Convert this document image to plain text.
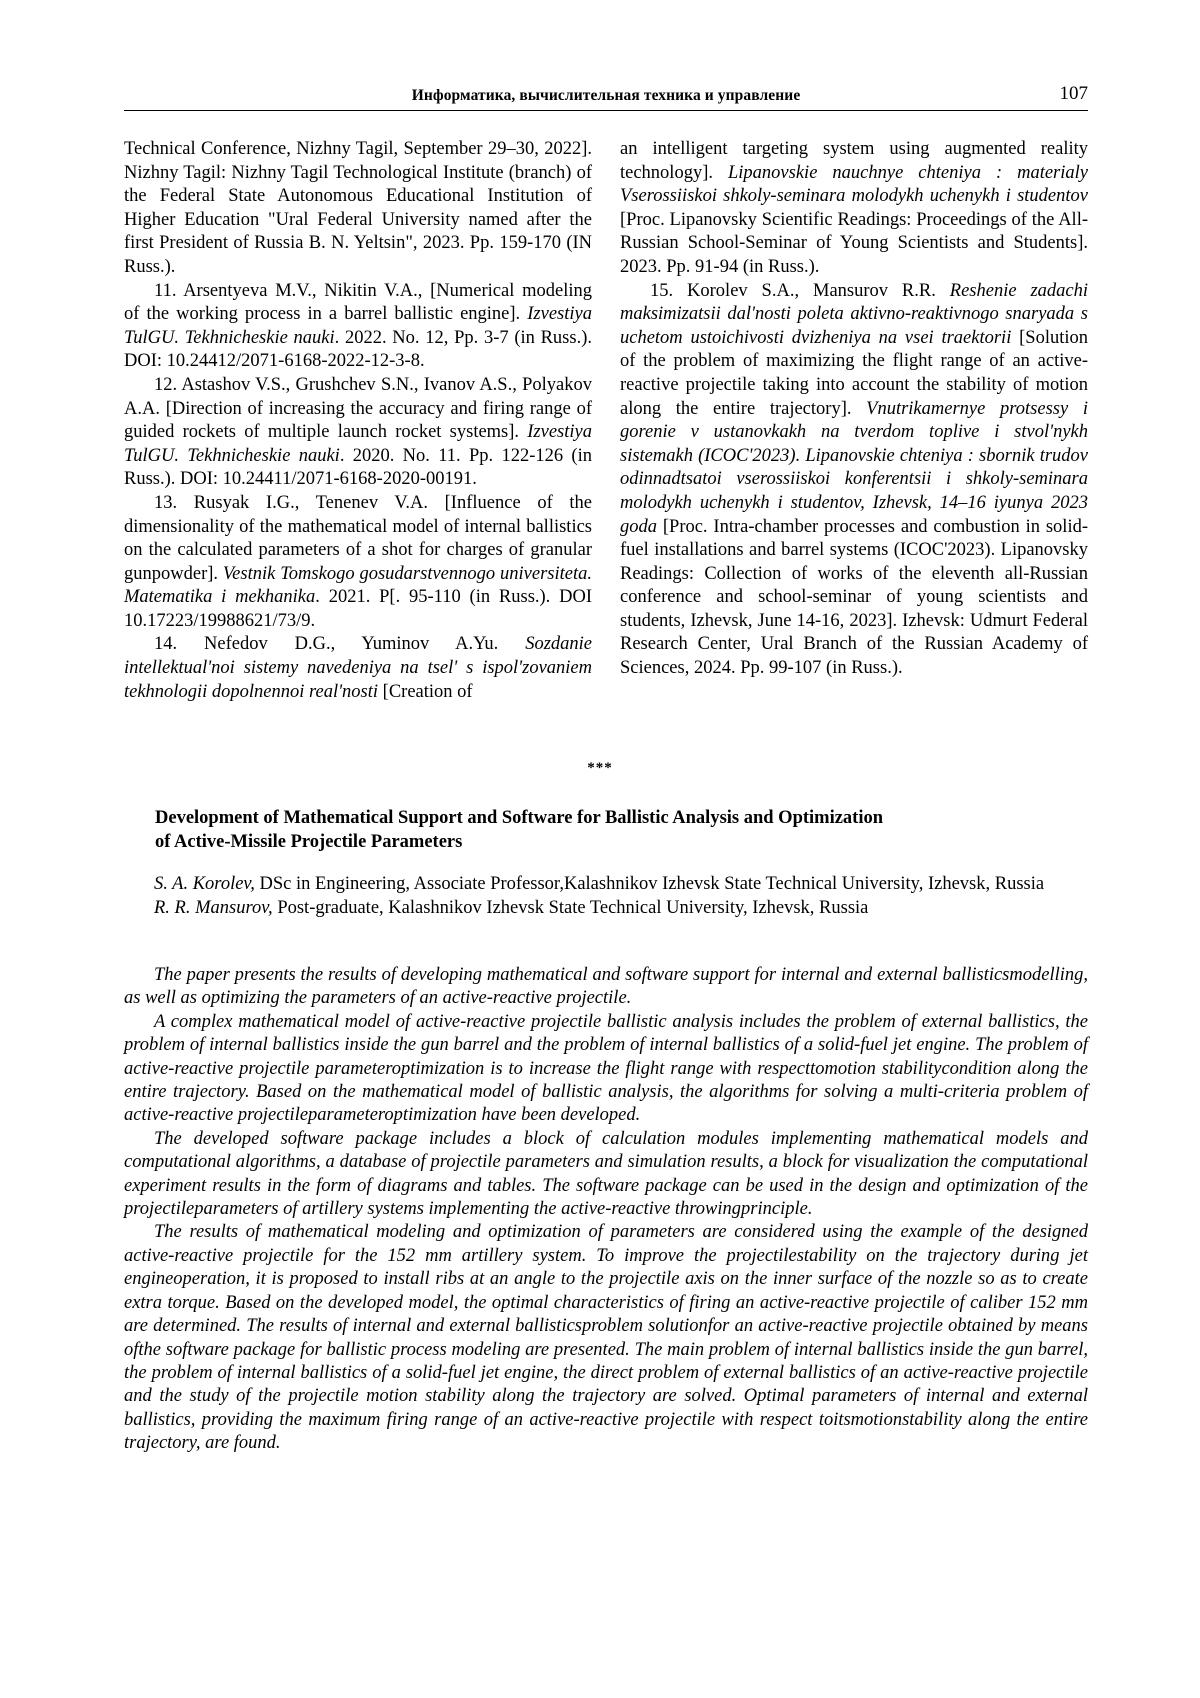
Информатика, вычислительная техника и управление	107

Technical Conference, Nizhny Tagil, September 29–30, 2022]. Nizhny Tagil: Nizhny Tagil Technological Institute (branch) of the Federal State Autonomous Educational Institution of Higher Education "Ural Federal University named after the first President of Russia B. N. Yeltsin", 2023. Pp. 159-170 (IN Russ.).

11. Arsentyeva M.V., Nikitin V.A., [Numerical modeling of the working process in a barrel ballistic engine]. Izvestiya TulGU. Tekhnicheskie nauki. 2022. No. 12, Pp. 3-7 (in Russ.). DOI: 10.24412/2071-6168-2022-12-3-8.

12. Astashov V.S., Grushchev S.N., Ivanov A.S., Polyakov A.A. [Direction of increasing the accuracy and firing range of guided rockets of multiple launch rocket systems]. Izvestiya TulGU. Tekhnicheskie nauki. 2020. No. 11. Pp. 122-126 (in Russ.). DOI: 10.24411/2071-6168-2020-00191.

13. Rusyak I.G., Tenenev V.A. [Influence of the dimensionality of the mathematical model of internal ballistics on the calculated parameters of a shot for charges of granular gunpowder]. Vestnik Tomskogo gosudarstvennogo universiteta. Matematika i mekhanika. 2021. P[. 95-110 (in Russ.). DOI 10.17223/19988621/73/9.

14. Nefedov D.G., Yuminov A.Yu. Sozdanie intellektual'noi sistemy navedeniya na tsel' s ispol'zovaniem tekhnologii dopolnennoi real'nosti [Creation of

an intelligent targeting system using augmented reality technology]. Lipanovskie nauchnye chteniya : materialy Vserossiiskoi shkoly-seminara molodykh uchenykh i studentov [Proc. Lipanovsky Scientific Readings: Proceedings of the All-Russian School-Seminar of Young Scientists and Students]. 2023. Pp. 91-94 (in Russ.).

15. Korolev S.A., Mansurov R.R. Reshenie zadachi maksimizatsii dal'nosti poleta aktivno-reaktivnogo snaryada s uchetom ustoichivosti dvizheniya na vsei traektorii [Solution of the problem of maximizing the flight range of an active-reactive projectile taking into account the stability of motion along the entire trajectory]. Vnutrikamernye protsessy i gorenie v ustanovkakh na tverdom toplive i stvol'nykh sistemakh (ICOC'2023). Lipanovskie chteniya : sbornik trudov odinnadtsatoi vserossiiskoi konferentsii i shkoly-seminara molodykh uchenykh i studentov, Izhevsk, 14–16 iyunya 2023 goda [Proc. Intra-chamber processes and combustion in solid-fuel installations and barrel systems (ICOC'2023). Lipanovsky Readings: Collection of works of the eleventh all-Russian conference and school-seminar of young scientists and students, Izhevsk, June 14-16, 2023]. Izhevsk: Udmurt Federal Research Center, Ural Branch of the Russian Academy of Sciences, 2024. Pp. 99-107 (in Russ.).

***
Development of Mathematical Support and Software for Ballistic Analysis and Optimization
of Active-Missile Projectile Parameters

S. A. Korolev, DSc in Engineering, Associate Professor,Kalashnikov Izhevsk State Technical University, Izhevsk, Russia

R. R. Mansurov, Post-graduate, Kalashnikov Izhevsk State Technical University, Izhevsk, Russia

The paper presents the results of developing mathematical and software support for internal and external ballisticsmodelling, as well as optimizing the parameters of an active-reactive projectile.

A complex mathematical model of active-reactive projectile ballistic analysis includes the problem of external ballistics, the problem of internal ballistics inside the gun barrel and the problem of internal ballistics of a solid-fuel jet engine. The problem of active-reactive projectile parameteroptimization is to increase the flight range with respecttomotion stabilitycondition along the entire trajectory. Based on the mathematical model of ballistic analysis, the algorithms for solving a multi-criteria problem of active-reactive projectileparameteroptimization have been developed.

The developed software package includes a block of calculation modules implementing mathematical models and computational algorithms, a database of projectile parameters and simulation results, a block for visualization the computational experiment results in the form of diagrams and tables. The software package can be used in the design and optimization of the projectileparameters of artillery systems implementing the active-reactive throwingprinciple.

The results of mathematical modeling and optimization of parameters are considered using the example of the designed active-reactive projectile for the 152 mm artillery system. To improve the projectilestability on the trajectory during jet engineoperation, it is proposed to install ribs at an angle to the projectile axis on the inner surface of the nozzle so as to create extra torque. Based on the developed model, the optimal characteristics of firing an active-reactive projectile of caliber 152 mm are determined. The results of internal and external ballisticsproblem solutionfor an active-reactive projectile obtained by means ofthe software package for ballistic process modeling are presented. The main problem of internal ballistics inside the gun barrel, the problem of internal ballistics of a solid-fuel jet engine, the direct problem of external ballistics of an active-reactive projectile and the study of the projectile motion stability along the trajectory are solved. Optimal parameters of internal and external ballistics, providing the maximum firing range of an active-reactive projectile with respect toitsmotionstability along the entire trajectory, are found.
